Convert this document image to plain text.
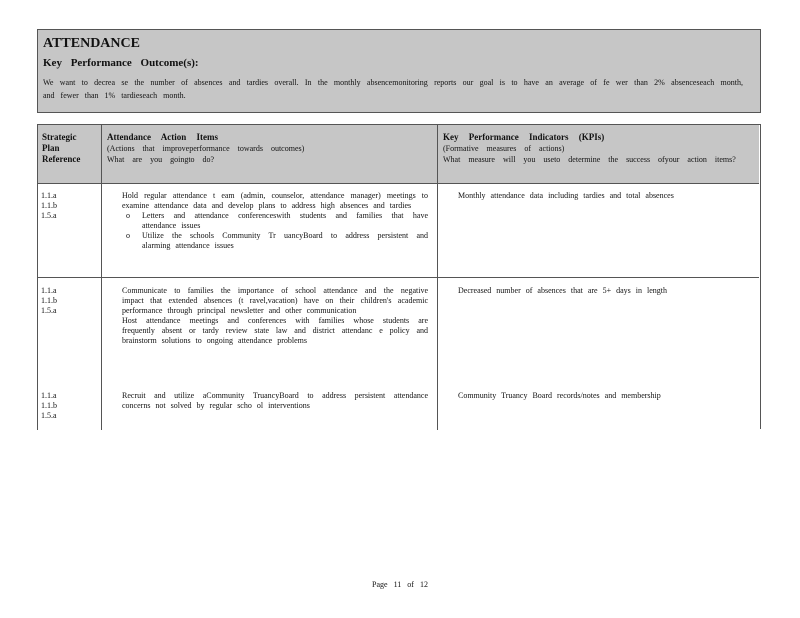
ATTENDANCE
Key Performance Outcome(s):
We want to decrea se the number of absences and tardies overall. In the monthly absencemonitoring reports our goal is to have an average of fe wer than 2% absenceseach month, and fewer than 1% tardieseach month.
Strategic
Plan
Reference
Attendance Action Items
(Actions that improveperformance towards outcomes)
What are you goingto do?
Key Performance Indicators (KPIs)
(Formative measures of actions)
What measure will you useto determine the success ofyour action items?
1.1.a
1.1.b
1.5.a
Hold regular attendance t eam (admin, counselor, attendance manager) meetings to examine attendance data and develop plans to address high absences and tardies
o	Letters and attendance conferenceswith students and families that have attendance issues
o	Utilize the schools Community Tr uancyBoard to address persistent and alarming attendance issues
Monthly attendance data including tardies and total absences
1.1.a
1.1.b
1.5.a
Communicate to families the importance of school attendance and the negative impact that extended absences (t ravel,vacation) have on their children's academic performance through principal newsletter and other communication
Host attendance meetings and conferences with families whose students are frequently absent or tardy review state law and district attendanc e policy and brainstorm solutions to ongoing attendance problems
Decreased number of absences that are 5+ days in length
1.1.a
1.1.b
1.5.a
Recruit and utilize aCommunity TruancyBoard to address persistent attendance concerns not solved by regular scho ol interventions
Community Truancy Board records/notes and membership
Page 11 of 12
